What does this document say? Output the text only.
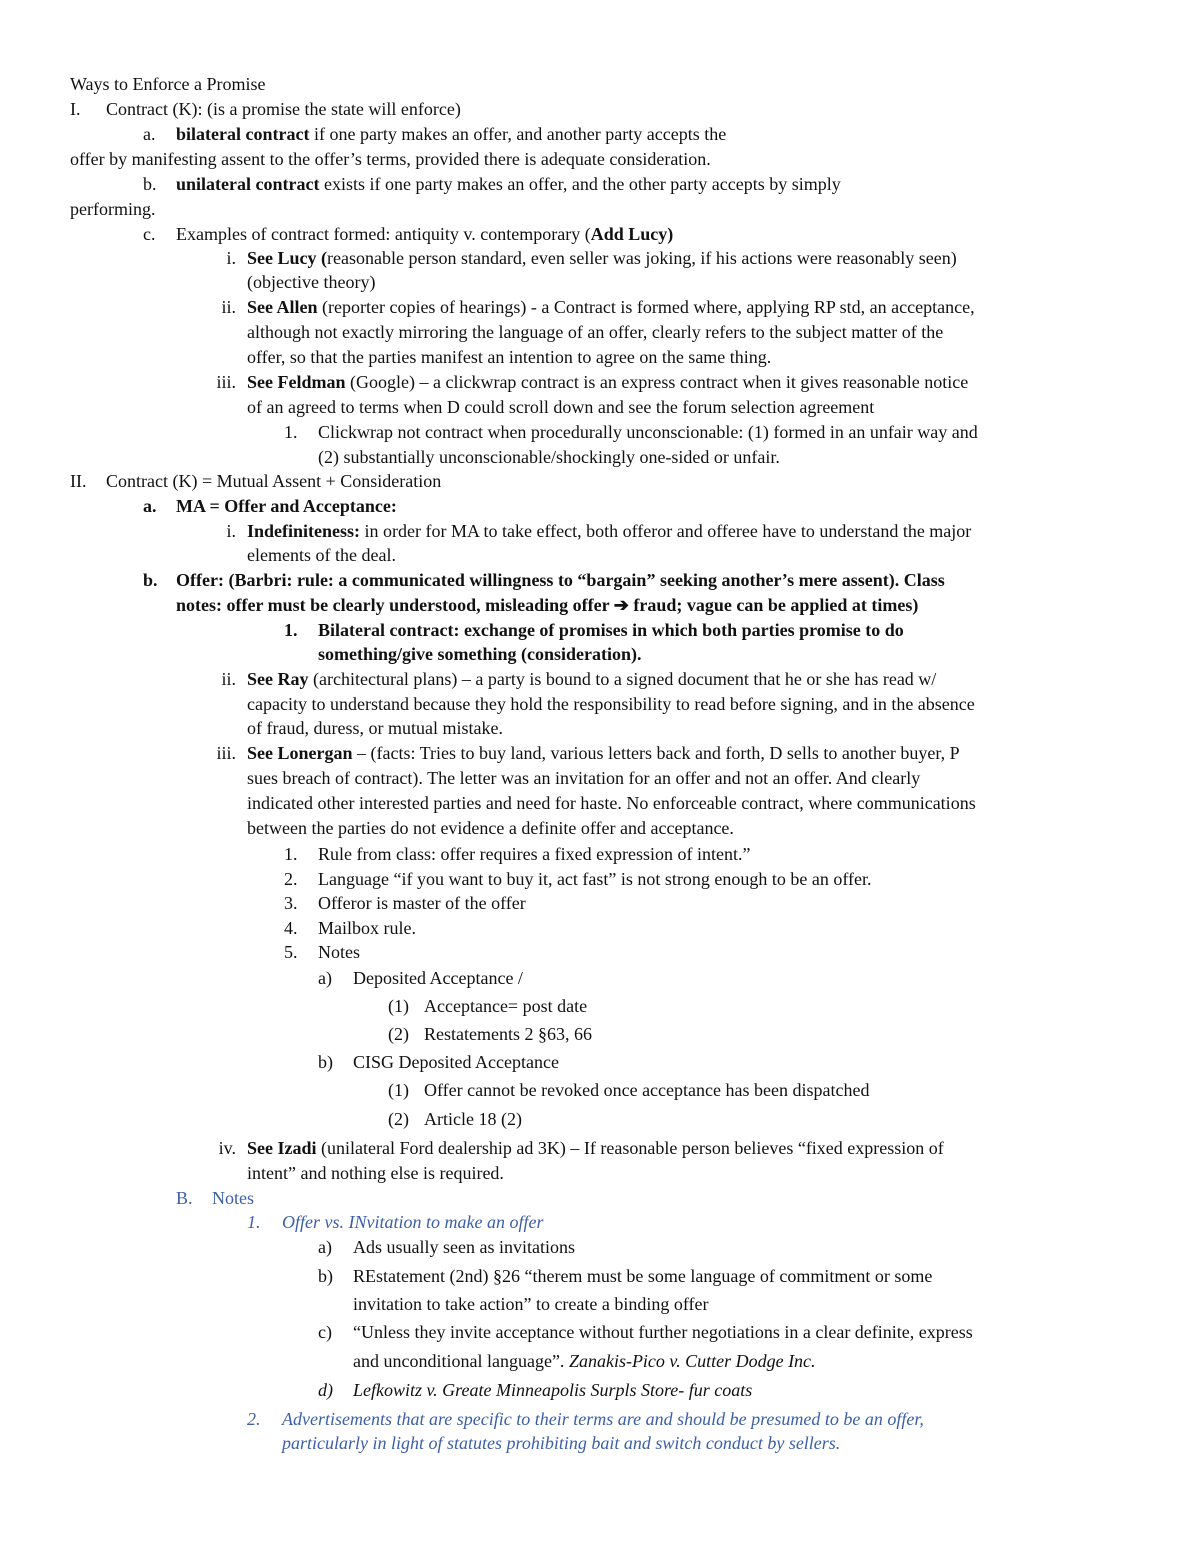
Ways to Enforce a Promise
I. Contract (K): (is a promise the state will enforce)
a. bilateral contract if one party makes an offer, and another party accepts the
offer by manifesting assent to the offer’s terms, provided there is adequate consideration.
b. unilateral contract exists if one party makes an offer, and the other party accepts by simply
performing.
c. Examples of contract formed: antiquity v. contemporary (Add Lucy)
i. See Lucy (reasonable person standard, even seller was joking, if his actions were reasonably seen)
(objective theory)
ii. See Allen (reporter copies of hearings) - a Contract is formed where, applying RP std, an acceptance,
although not exactly mirroring the language of an offer, clearly refers to the subject matter of the
offer, so that the parties manifest an intention to agree on the same thing.
iii. See Feldman (Google) – a clickwrap contract is an express contract when it gives reasonable notice
of an agreed to terms when D could scroll down and see the forum selection agreement
1. Clickwrap not contract when procedurally unconscionable: (1) formed in an unfair way and
(2) substantially unconscionable/shockingly one-sided or unfair.
II. Contract (K) = Mutual Assent + Consideration
a. MA = Offer and Acceptance:
i. Indefiniteness: in order for MA to take effect, both offeror and offeree have to understand the major
elements of the deal.
b. Offer: (Barbri: rule: a communicated willingness to “bargain” seeking another’s mere assent). Class
notes: offer must be clearly understood, misleading offer ➔ fraud; vague can be applied at times)
1. Bilateral contract: exchange of promises in which both parties promise to do
something/give something (consideration).
ii. See Ray (architectural plans) – a party is bound to a signed document that he or she has read w/
capacity to understand because they hold the responsibility to read before signing, and in the absence
of fraud, duress, or mutual mistake.
iii. See Lonergan – (facts: Tries to buy land, various letters back and forth, D sells to another buyer, P
sues breach of contract). The letter was an invitation for an offer and not an offer. And clearly
indicated other interested parties and need for haste. No enforceable contract, where communications
between the parties do not evidence a definite offer and acceptance.
1. Rule from class: offer requires a fixed expression of intent.”
2. Language “if you want to buy it, act fast” is not strong enough to be an offer.
3. Offeror is master of the offer
4. Mailbox rule.
5. Notes
a) Deposited Acceptance /
(1) Acceptance= post date
(2) Restatements 2 §63, 66
b) CISG Deposited Acceptance
(1) Offer cannot be revoked once acceptance has been dispatched
(2) Article 18 (2)
iv. See Izadi (unilateral Ford dealership ad 3K) – If reasonable person believes “fixed expression of
intent” and nothing else is required.
B. Notes
1. Offer vs. INvitation to make an offer
a) Ads usually seen as invitations
b) REstatement (2nd) §26 “therem must be some language of commitment or some
invitation to take action” to create a binding offer
c) “Unless they invite acceptance without further negotiations in a clear definite, express
and unconditional language”. Zanakis-Pico v. Cutter Dodge Inc.
d) Lefkowitz v. Greate Minneapolis Surpls Store- fur coats
2. Advertisements that are specific to their terms are and should be presumed to be an offer,
particularly in light of statutes prohibiting bait and switch conduct by sellers.
